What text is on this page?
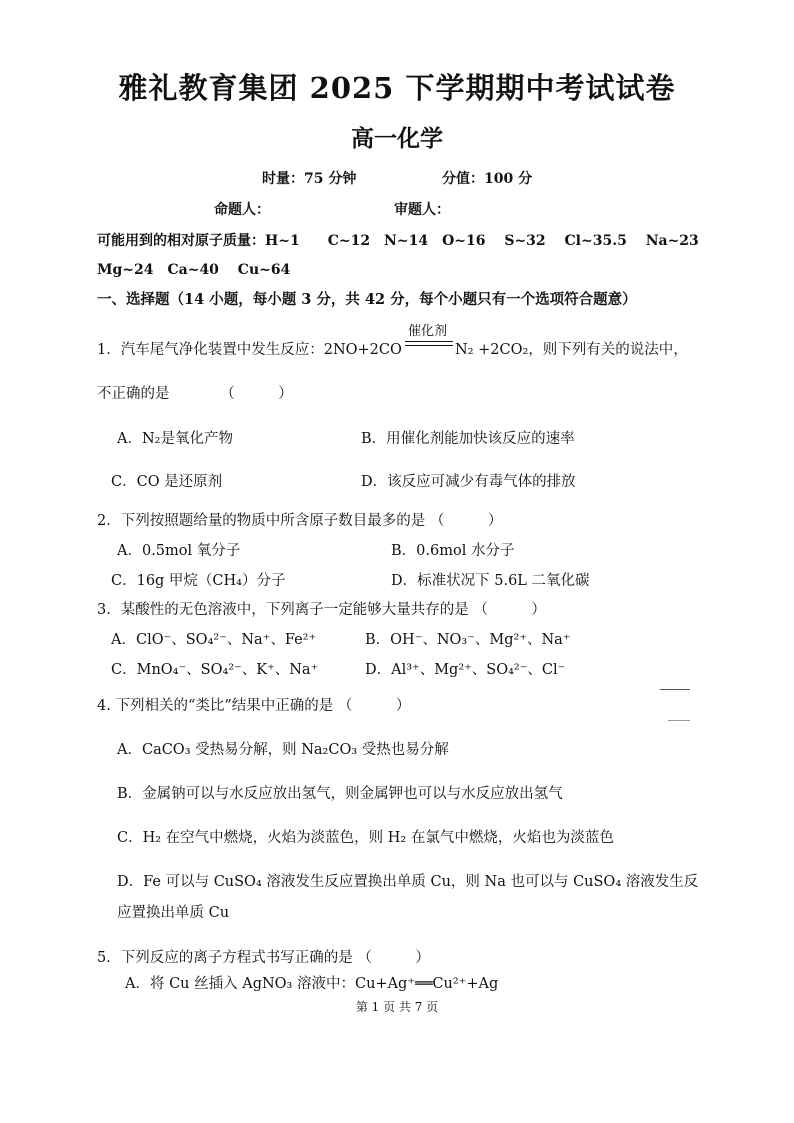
雅礼教育集团 2025 下学期期中考试试卷
高一化学
时量：75 分钟	分值：100 分
命题人：	审题人：
可能用到的相对原子质量：H~1　　C~12　N~14　O~16　 S~32　 Cl~35.5　 Na~23
Mg~24　Ca~40　 Cu~64
一、选择题（14 小题，每小题 3 分，共 42 分，每个小题只有一个选项符合题意）
1．汽车尾气净化装置中发生反应：2NO+2CO
催化剂
N₂ +2CO₂，则下列有关的说法中，
不正确的是　　　　（　　　）
A．N₂是氧化产物	B．用催化剂能加快该反应的速率
C．CO 是还原剂	D．该反应可减少有毒气体的排放
2．下列按照题给量的物质中所含原子数目最多的是 （　　　）
A．0.5mol 氧分子	B．0.6mol 水分子
C．16g 甲烷（CH₄）分子	D．标准状况下 5.6L 二氧化碳
3．某酸性的无色溶液中，下列离子一定能够大量共存的是 （　　　）
A．ClO⁻、SO₄²⁻、Na⁺、Fe²⁺	B．OH⁻、NO₃⁻、Mg²⁺、Na⁺
C．MnO₄⁻、SO₄²⁻、K⁺、Na⁺	D．Al³⁺、Mg²⁺、SO₄²⁻、Cl⁻
4. 下列相关的“类比”结果中正确的是 （　　　）
A．CaCO₃ 受热易分解，则 Na₂CO₃ 受热也易分解
B．金属钠可以与水反应放出氢气，则金属钾也可以与水反应放出氢气
C．H₂ 在空气中燃烧，火焰为淡蓝色，则 H₂ 在氯气中燃烧，火焰也为淡蓝色
D．Fe 可以与 CuSO₄ 溶液发生反应置换出单质 Cu，则 Na 也可以与 CuSO₄ 溶液发生反
应置换出单质 Cu
5．下列反应的离子方程式书写正确的是 （　　　）
A．将 Cu 丝插入 AgNO₃ 溶液中：Cu+Ag⁺══Cu²⁺+Ag
第 1 页 共 7 页
